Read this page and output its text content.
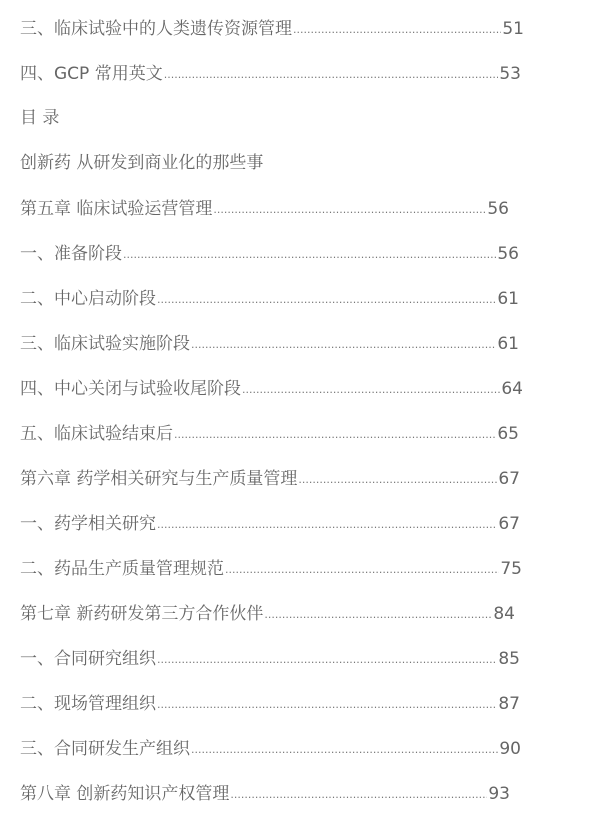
三、临床试验中的人类遗传资源管理 .....	51
四、GCP 常用英文 .....	53
目 录
创新药 从研发到商业化的那些事
第五章 临床试验运营管理 .....	56
一、准备阶段 .....	56
二、中心启动阶段 .....	61
三、临床试验实施阶段 .....	61
四、中心关闭与试验收尾阶段 .....	64
五、临床试验结束后 .....	65
第六章 药学相关研究与生产质量管理 .....	67
一、药学相关研究 .....	67
二、药品生产质量管理规范 .....	75
第七章 新药研发第三方合作伙伴 .....	84
一、合同研究组织 .....	85
二、现场管理组织 .....	87
三、合同研发生产组织 .....	90
第八章 创新药知识产权管理 .....	93
